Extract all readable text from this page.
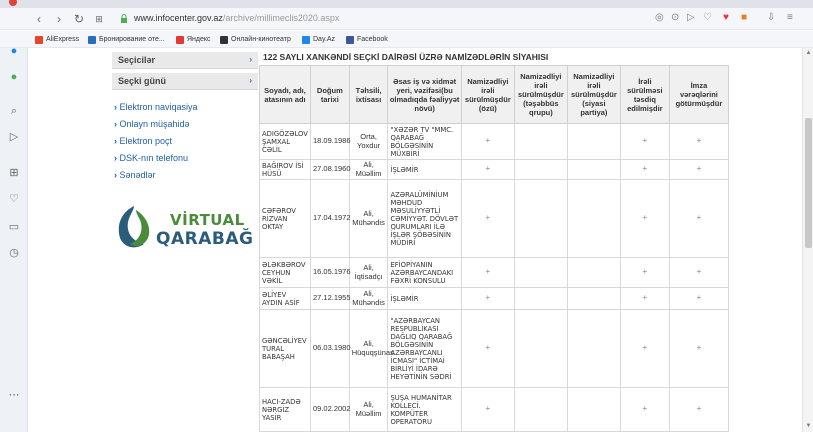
‹	›	↻	⊞	www.infocenter.gov.az/archive/millimeclis2020.aspx	◎ ⊙ ▷ ♡ ♥ ■ ⇩ ≡
AliExpress	Бронирование оте...	Яндекс	Онлайн-кинотеатр	Day.Az	Facebook
●
●
⌕
▷
⊞
♡
▭
◷
⋯
Seçicilər	›
Seçki günü	›
› Elektron naviqasiya
› Onlayn müşahidə
› Elektron poçt
› DSK-nın telefonu
› Sənədlər
VİRTUAL
QARABAĞ
122 SAYLI XANKƏNDİ SEÇKİ DAİRƏSİ ÜZRƏ NAMİZƏDLƏRİN SİYAHISI
Soyadı, adı, atasının adı	Doğum tarixi	Təhsili, ixtisası	Əsas iş və xidmət yeri, vəzifəsi(bu olmadıqda fəaliyyət növü)	Namizədliyi irəli sürülmüşdür (özü)	Namizədliyi irəli sürülmüşdür (təşəbbüs qrupu)	Namizədliyi irəli sürülmüşdür (siyasi partiya)	İrəli sürülməsi təsdiq edilmişdir	İmza vərəqlərini götürmüşdür
ADIGÖZƏLOV ŞAMXAL CƏLİL	18.09.1986	Orta, Yoxdur	"XƏZƏR TV "MMC. QARABAĞ BÖLGƏSİNİN MÜXBİRİ	+			+	+
BAĞIROV İSİ HÜSÜ	27.08.1960	Ali, Müəllim	İŞLƏMİR	+			+	+
CƏFƏROV RİZVAN OKTAY	17.04.1972	Ali, Mühəndis	AZƏRALÜMİNİUM MƏHDUD MƏSULİYYƏTLİ CƏMİYYƏT. DÖVLƏT QURUMLARI İLƏ İŞLƏR ŞÖBƏSİNİN MÜDİRİ	+			+	+
ƏLƏKBƏROV CEYHUN VƏKİL	16.05.1976	Ali, İqtisadçı	EFİOPİYANIN AZƏRBAYCANDAKI FƏXRİ KONSULU	+			+	+
ƏLİYEV AYDIN ASİF	27.12.1955	Ali, Mühəndis	İŞLƏMİR	+			+	+
GƏNCƏLİYEV TURAL BABAŞAH	06.03.1980	Ali, Hüquqşünas	"AZƏRBAYCAN RESPUBLİKASI DAĞLIQ QARABAĞ BÖLGƏSİNİN AZƏRBAYCANLI İCMASI" İCTİMAİ BİRLİYİ İDARƏ HEYƏTİNİN SƏDRİ	+			+	+
HACI-ZADƏ NƏRGİZ YASİR	09.02.2002	Ali, Müəllim	ŞUŞA HUMANİTAR KOLLECİ. KOMPÜTER OPERATORU	+			+	+
▲
▼
